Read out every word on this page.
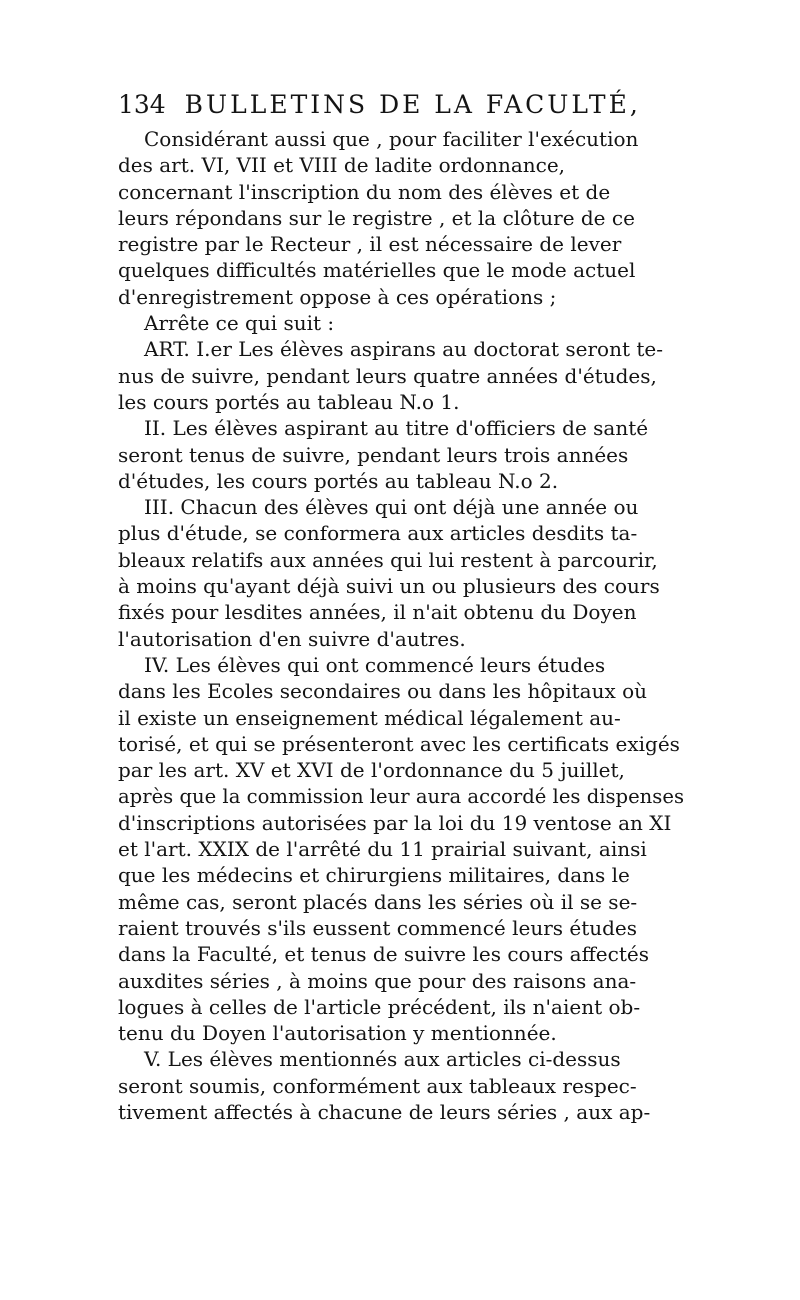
134 BULLETINS DE LA FACULTÉ,
Considérant aussi que , pour faciliter l'exécution
des art. VI, VII et VIII de ladite ordonnance,
concernant l'inscription du nom des élèves et de
leurs répondans sur le registre , et la clôture de ce
registre par le Recteur , il est nécessaire de lever
quelques difficultés matérielles que le mode actuel
d'enregistrement oppose à ces opérations ;
Arrête ce qui suit :
ART. I.er Les élèves aspirans au doctorat seront te-
nus de suivre, pendant leurs quatre années d'études,
les cours portés au tableau N.o 1.
II. Les élèves aspirant au titre d'officiers de santé
seront tenus de suivre, pendant leurs trois années
d'études, les cours portés au tableau N.o 2.
III. Chacun des élèves qui ont déjà une année ou
plus d'étude, se conformera aux articles desdits ta-
bleaux relatifs aux années qui lui restent à parcourir,
à moins qu'ayant déjà suivi un ou plusieurs des cours
fixés pour lesdites années, il n'ait obtenu du Doyen
l'autorisation d'en suivre d'autres.
IV. Les élèves qui ont commencé leurs études
dans les Ecoles secondaires ou dans les hôpitaux où
il existe un enseignement médical légalement au-
torisé, et qui se présenteront avec les certificats exigés
par les art. XV et XVI de l'ordonnance du 5 juillet,
après que la commission leur aura accordé les dispenses
d'inscriptions autorisées par la loi du 19 ventose an XI
et l'art. XXIX de l'arrêté du 11 prairial suivant, ainsi
que les médecins et chirurgiens militaires, dans le
même cas, seront placés dans les séries où il se se-
raient trouvés s'ils eussent commencé leurs études
dans la Faculté, et tenus de suivre les cours affectés
auxdites séries , à moins que pour des raisons ana-
logues à celles de l'article précédent, ils n'aient ob-
tenu du Doyen l'autorisation y mentionnée.
V. Les élèves mentionnés aux articles ci-dessus
seront soumis, conformément aux tableaux respec-
tivement affectés à chacune de leurs séries , aux ap-
